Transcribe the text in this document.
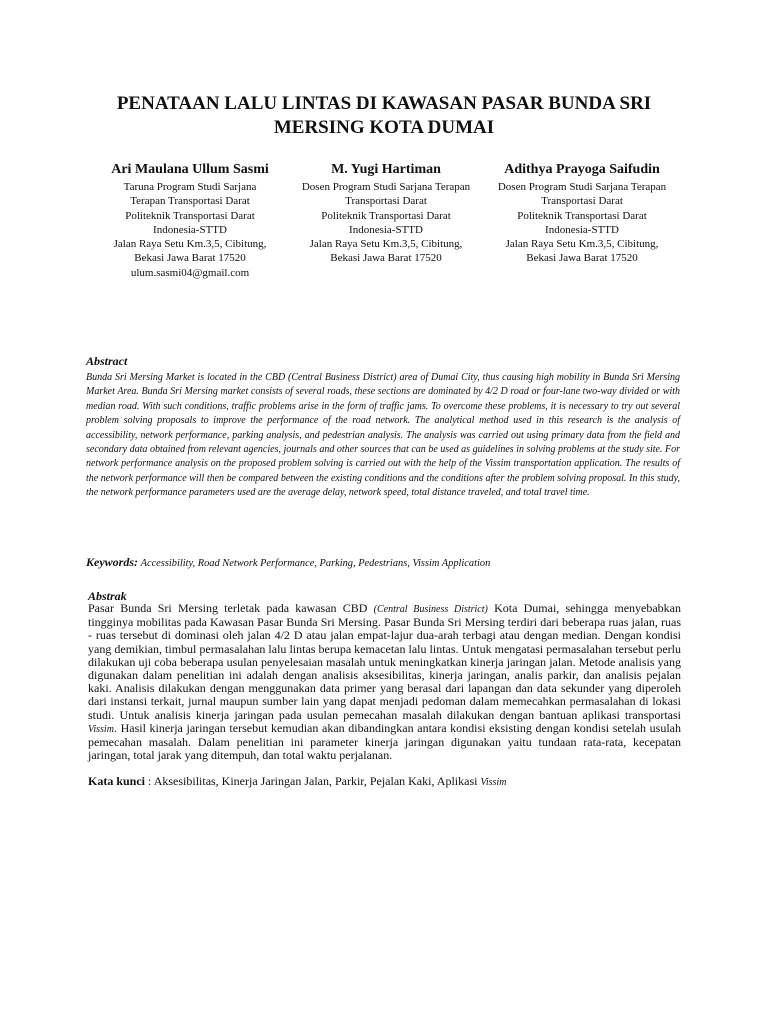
PENATAAN LALU LINTAS DI KAWASAN PASAR BUNDA SRI
MERSING KOTA DUMAI
Ari Maulana Ullum Sasmi
Taruna Program Studi Sarjana
Terapan Transportasi Darat
Politeknik Transportasi Darat
Indonesia-STTD
Jalan Raya Setu Km.3,5, Cibitung,
Bekasi Jawa Barat 17520
ulum.sasmi04@gmail.com
M. Yugi Hartiman
Dosen Program Studi Sarjana Terapan
Transportasi Darat
Politeknik Transportasi Darat
Indonesia-STTD
Jalan Raya Setu Km.3,5, Cibitung,
Bekasi Jawa Barat 17520
Adithya Prayoga Saifudin
Dosen Program Studi Sarjana Terapan
Transportasi Darat
Politeknik Transportasi Darat
Indonesia-STTD
Jalan Raya Setu Km.3,5, Cibitung,
Bekasi Jawa Barat 17520
Abstract

Bunda Sri Mersing Market is located in the CBD (Central Business District) area of Dumai City, thus causing high mobility in Bunda Sri Mersing Market Area. Bunda Sri Mersing market consists of several roads, these sections are dominated by 4/2 D road or four-lane two-way divided or with median road. With such conditions, traffic problems arise in the form of traffic jams. To overcome these problems, it is necessary to try out several problem solving proposals to improve the performance of the road network. The analytical method used in this research is the analysis of accessibility, network performance, parking analysis, and pedestrian analysis. The analysis was carried out using primary data from the field and secondary data obtained from relevant agencies, journals and other sources that can be used as guidelines in solving problems at the study site. For network performance analysis on the proposed problem solving is carried out with the help of the Vissim transportation application. The results of the network performance will then be compared between the existing conditions and the conditions after the problem solving proposal. In this study, the network performance parameters used are the average delay, network speed, total distance traveled, and total travel time.

Keywords: Accessibility, Road Network Performance, Parking, Pedestrians, Vissim Application

Abstrak

Pasar Bunda Sri Mersing terletak pada kawasan CBD (Central Business District) Kota Dumai, sehingga menyebabkan tingginya mobilitas pada Kawasan Pasar Bunda Sri Mersing. Pasar Bunda Sri Mersing terdiri dari beberapa ruas jalan, ruas - ruas tersebut di dominasi oleh jalan 4/2 D atau jalan empat-lajur dua-arah terbagi atau dengan median. Dengan kondisi yang demikian, timbul permasalahan lalu lintas berupa kemacetan lalu lintas. Untuk mengatasi permasalahan tersebut perlu dilakukan uji coba beberapa usulan penyelesaian masalah untuk meningkatkan kinerja jaringan jalan. Metode analisis yang digunakan dalam penelitian ini adalah dengan analisis aksesibilitas, kinerja jaringan, analis parkir, dan analisis pejalan kaki. Analisis dilakukan dengan menggunakan data primer yang berasal dari lapangan dan data sekunder yang diperoleh dari instansi terkait, jurnal maupun sumber lain yang dapat menjadi pedoman dalam memecahkan permasalahan di lokasi studi. Untuk analisis kinerja jaringan pada usulan pemecahan masalah dilakukan dengan bantuan aplikasi transportasi Vissim. Hasil kinerja jaringan tersebut kemudian akan dibandingkan antara kondisi eksisting dengan kondisi setelah usulah pemecahan masalah. Dalam penelitian ini parameter kinerja jaringan digunakan yaitu tundaan rata-rata, kecepatan jaringan, total jarak yang ditempuh, dan total waktu perjalanan.

Kata kunci : Aksesibilitas, Kinerja Jaringan Jalan, Parkir, Pejalan Kaki, Aplikasi Vissim
